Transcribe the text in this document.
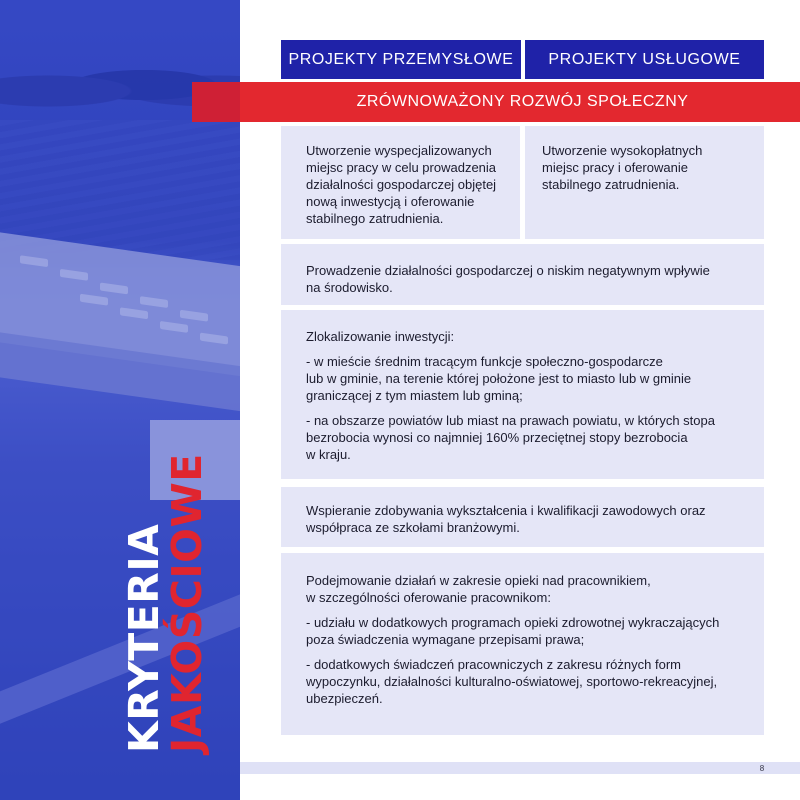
KRYTERIA
JAKOŚCIOWE
PROJEKTY PRZEMYSŁOWE	PROJEKTY USŁUGOWE
ZRÓWNOWAŻONY ROZWÓJ SPOŁECZNY
Utworzenie wyspecjalizowanych
miejsc pracy w celu prowadzenia
działalności gospodarczej objętej
nową inwestycją i oferowanie
stabilnego zatrudnienia.
Utworzenie wysokopłatnych
miejsc pracy i oferowanie
stabilnego zatrudnienia.
Prowadzenie działalności gospodarczej o niskim negatywnym wpływie
na środowisko.

Zlokalizowanie inwestycji:

- w mieście średnim tracącym funkcje społeczno-gospodarcze
lub w gminie, na terenie której położone jest to miasto lub w gminie
graniczącej z tym miastem lub gminą;

- na obszarze powiatów lub miast na prawach powiatu, w których stopa
bezrobocia wynosi co najmniej 160% przeciętnej stopy bezrobocia
w kraju.

Wspieranie zdobywania wykształcenia i kwalifikacji zawodowych oraz
współpraca ze szkołami branżowymi.

Podejmowanie działań w zakresie opieki nad pracownikiem,
w szczególności oferowanie pracownikom:

- udziału w dodatkowych programach opieki zdrowotnej wykraczających
poza świadczenia wymagane przepisami prawa;

- dodatkowych świadczeń pracowniczych z zakresu różnych form
wypoczynku, działalności kulturalno-oświatowej, sportowo-rekreacyjnej,
ubezpieczeń.

8
